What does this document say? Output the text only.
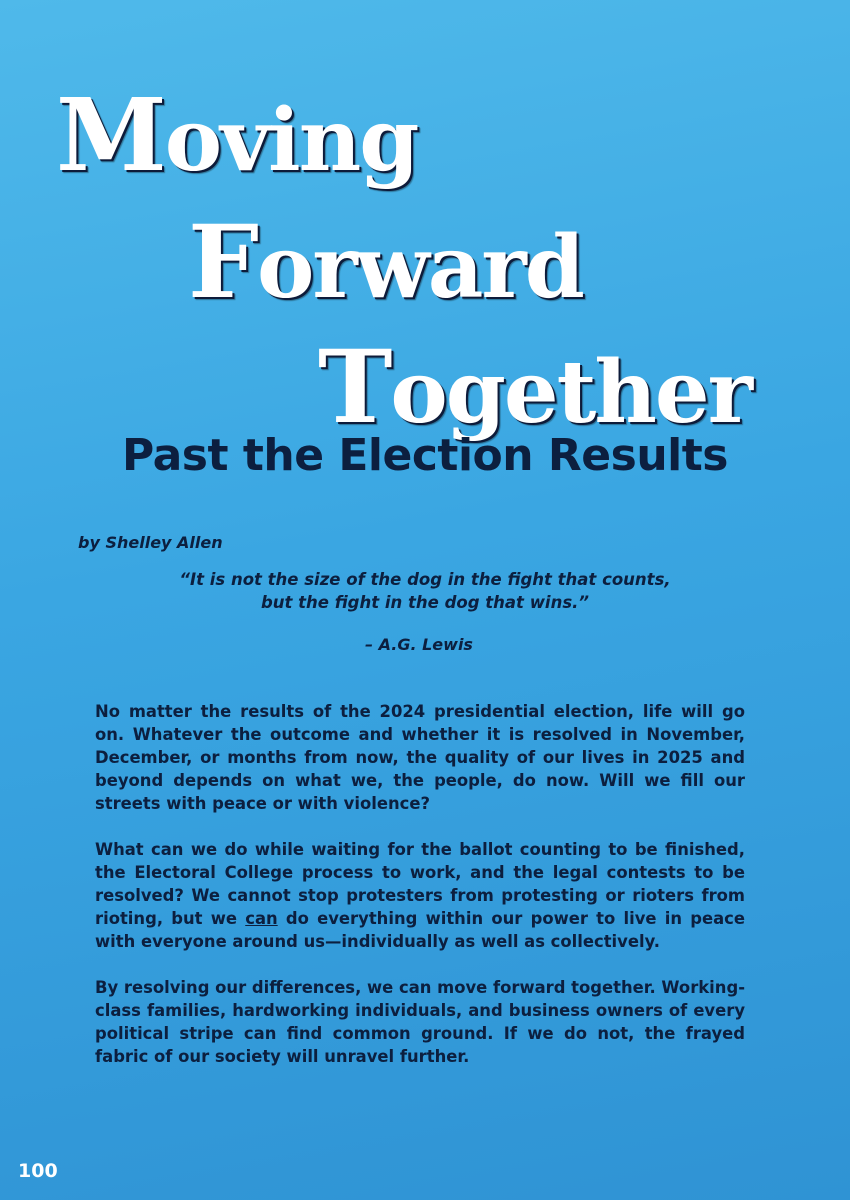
Moving
Forward
Together
Past the Election Results
by Shelley Allen
“It is not the size of the dog in the fight that counts,
but the fight in the dog that wins.”
– A.G. Lewis

No matter the results of the 2024 presidential election, life will go on. Whatever the outcome and whether it is resolved in November, December, or months from now, the quality of our lives in 2025 and beyond depends on what we, the people, do now. Will we fill our streets with peace or with violence?

What can we do while waiting for the ballot counting to be finished, the Electoral College process to work, and the legal contests to be resolved? We cannot stop protesters from protesting or rioters from rioting, but we can do everything within our power to live in peace with everyone around us—individually as well as collectively.

By resolving our differences, we can move forward together. Working-class families, hardworking individuals, and business owners of every political stripe can find common ground. If we do not, the frayed fabric of our society will unravel further.

100
